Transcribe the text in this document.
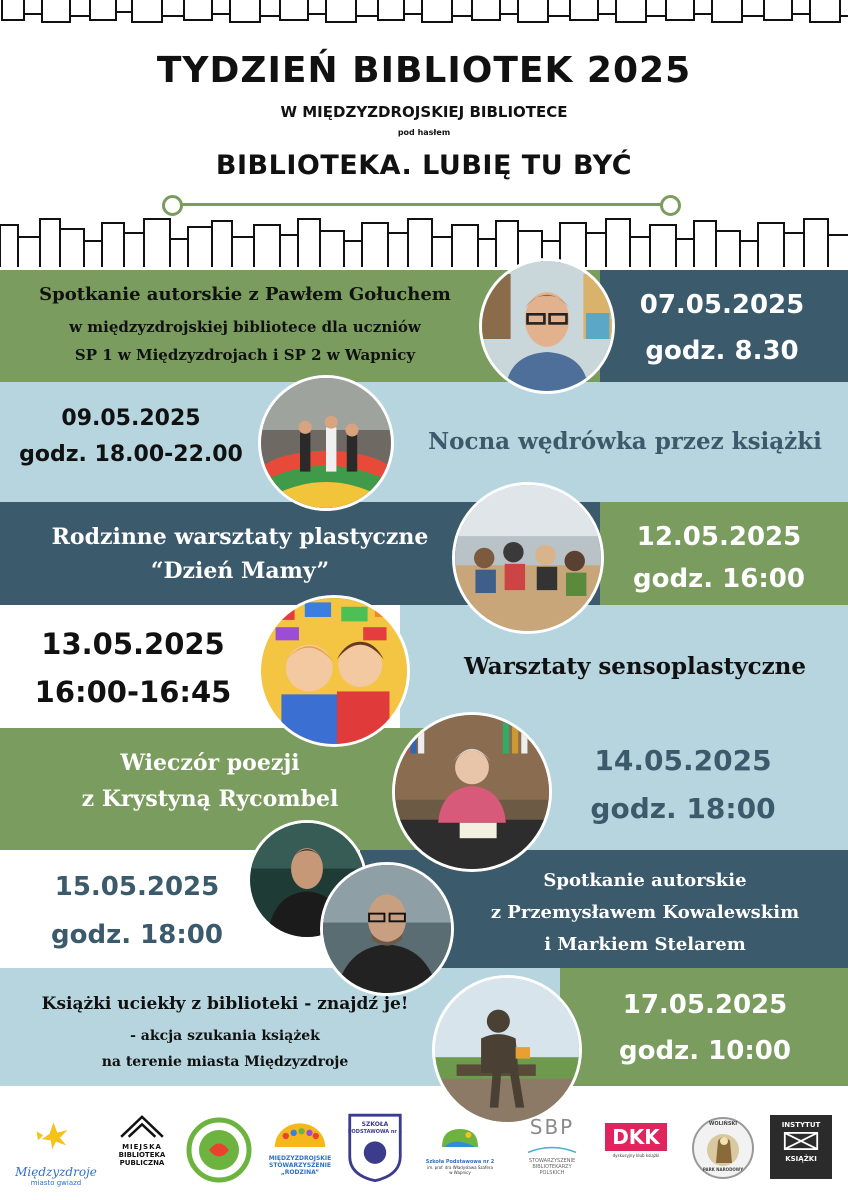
TYDZIEŃ BIBLIOTEK 2025
W MIĘDZYZDROJSKIEJ BIBLIOTECE
pod hasłem
BIBLIOTEKA. LUBIĘ TU BYĆ
Spotkanie autorskie z Pawłem Gołuchem
w międzyzdrojskiej bibliotece dla uczniów
SP 1 w Międzyzdrojach i SP 2 w Wapnicy
07.05.2025
godz. 8.30
09.05.2025
godz. 18.00-22.00	Nocna wędrówka przez książki
Rodzinne warsztaty plastyczne
“Dzień Mamy”
12.05.2025
godz. 16:00
13.05.2025
16:00-16:45
Warsztaty sensoplastyczne
Wieczór poezji
z Krystyną Rycombel
14.05.2025
godz. 18:00
15.05.2025
godz. 18:00
Spotkanie autorskie
z Przemysławem Kowalewskim
i Markiem Stelarem
Książki uciekły z biblioteki - znajdź je!
- akcja szukania książek
na terenie miasta Międzyzdroje
17.05.2025
godz. 10:00
Międzyzdroje
miasto gwiazd
MIEJSKA
BIBLIOTEKA
PUBLICZNA
MIĘDZYZDROJSKIE
STOWARZYSZENIE
„RODZINA”
SZKOŁA
PODSTAWOWA nr 1
Szkoła Podstawowa nr 2
im. prof. dra Władysława Szafera
w Wapnicy
SBP
STOWARZYSZENIE
BIBLIOTEKARZY
POLSKICH
DKK
dyskusyjny klub książki
WOLIŃSKI
PARK NARODOWY
INSTYTUT
KSIĄŻKI
